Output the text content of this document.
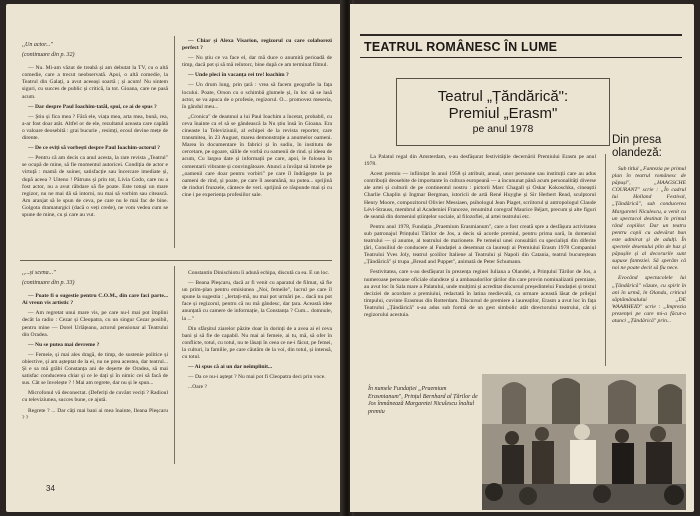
,,Un actor..."

(continuare din p. 32)

— Nu. Mi-am vâzut de treabă și am debutat la TV, cu o altă comedie, care a trecut neobservată. Apoi, o altă comedie, la Teatrul din Galați, a avut aceeași soartă ; și acum! Nu sintem siguri, cu succes de public și critică, la tot. Gioana, care ne pasă acum.

— Dar despre Paul Ioachim-tatăl, spui, ce ai de spus ?

— Știu și fica mea ? Fără ele, viața mea, arta mea, bună, rea, a-ar fost doar atât. Altfel or de ele, rezultatul aceasta care capătă o valoare deosebită : grai bucurie , resimți, ecoul devine mețe de dirente.

— De ce eviți să vorbești despre Paul Ioachim-actorul ?

— Pentru că am decis ca anul acesta, la rare revista „Teatrul" se ocupă de mine, să fie momentul autoricei. Condiția de actor e virtuță : mamă de suiner, satisfacție sau încercare imediate și, după aceea ? Uiteno ! Pătruns și prin tot, Livia Codo, care nu a fost actor, nu a avut răbdare să fie poate. Este totuși un mare regizor, nu ne mai dă să intorni, nu mai să vorbim sau citească. Am aranjat să le spun de ceva, pe care nu le mai fac de bine. Golgota dramaturgici (dacă o veți crede), ne vom vedea cum se spune de mine, cu și care au vut.

— Chiar și Alexa Visarion, regizorul cu care colaborezi perfect ?

— Nu știu ce va face el, dar mă duce o anumită perioadă de timp, dacă pot și să mă reîntorc, bine după ce am terminat filmul.

— Unde pleci în vacanța rei tre! loachim ?

— Un drum lung, prin țară : vrea să facem geografie la fața locului. Poate, Orson cu o schimbă glumele și, în loc să se lasă actor, se va apuca de o profesie, regizorul. O... promovez meseria, în gândul meu...

„Cronica" de deamnul a lui Paul Ioachim a încetat, probabil, cu ceva înainte ca el să se gândească la Nu știu însă în Gioana. Era cineaste la Televiziunii, al echipei de la revista reporter, care transmitea, în 23 August, marea demonstrație a anumelor oameni. Marea în documentare în fabrici și în sudiu, în institutu de cercetare, pe ogoare, sălile de vorbă cu oamenii de rind. și ideea de acum, Cu largea date și informații pe care, apoi, le folosea în comentarii vibrante și convingătoare. Atunci a învățat să întrebe pe „oamenii care doar pentru vorbiri" pe care îl îndrăgește la pe oameni de rind, și poate, pe care îl aseamănă, nu putea... sprijină de rinduri frunzele, cântece de veri. sprijină ce răspunde mai și cu cine i pe experiența profesiilor sale.

,,...și scena..."

(continuare din p. 33)

— Poate fi o sugestie pentru C.O.M., din care faci parte... Ai vreun vis artistic ?

— Am regretat unui mare vis, pe care nu-l mai pot împlini decât la radio : Cezar și Cleopatra, cu un singur Cezar posibil, pentru mine — Dorel Urlățeanu, actorul pensionar al Teatrului din Oradea.

— Nu se putea mai devreme ?

— Femeie, și mai ales dragă, de timp, de sustenie politice și obiective, și am așteptat de la ei, nu ne prea acestea, dar teatrul... Și e sa mă grăbi Constanța ani de deșerte de Oradea, să mai satisfac conducerea chiar și ce le dați și în nimic cei să facă de sus. Cât se învelește ? ! Mai am regrete, dar nu și le spun...

Microfonul vă deconectat. (Deferiți de cuvânt veciți ? Radioul cu televiziunea, succes bune, ce ajută.

Regrete ? ... Dar câți mai bani ai mea înainte, Ileana Pleșcaru ? ?

Constantin Dinischiotu îi adună echipa, discută ca ea. E un loc.

— Beana Pleșcaru, dacă ar fi venit cu aparatul de filmat, să fie un prim-plan pentru emisiunea „Noi, femeile", lucrul pe care îl spune la sugestia : „Iertați-mă, nu mai pot urmări pe... dacă nu pot face și regizorul, pentru că nu mă gândesc, dar țara. Această idee anunțată cu camere de informație, la Constanța ? Cum... domnule, la ..."

Din sfârșitul ziarelor păzite doar în dorinți de a avea ai el ceva bani și să fie de capabil. Nu mai ai femeie, ai tu, mă, să ofer în conflicte, totul, cu totul, nu te lăsați în ceea ce ne-i făcut, pe femei, la culturi, la familie, pe care căutăm de la voi, din totul, și intensă, cu totul.

— Ai spus că ai un dar neîmplinit...

— Da ce nu-i aștept ? Nu mai pot fi Cleopatra deci prin voce.

...Oare ?

34
TEATRUL ROMÂNESC ÎN LUME
Teatrul „Țăndărică":
Premiul „Erasm"
pe anul 1978
Din presa olandeză:

La Palatul regal din Amsterdam, s-au desfășurat festivitățile decernării Premiului Erasm pe anul 1978.

Acest premiu — infiinițat în anul 1958 și atribuit, anual, unor persoane sau instituții care au adus contribuții deosebite de importante în cultura europeană — a încununat până acum personalități diverse ale artei și culturii de pe continentul nostru : pictorii Marc Chagall și Oskar Kokoschka, cineaștii Charlie Chaplin și Ingmar Bergman, istoricii de artă René Huyghe și Sir Herbert Read, sculptorul Henry Moore, compozitorul Olivier Messiaen, psihologul Jean Piaget, scriitorul și antropologul Claude Lévi-Strauss, membrul al Academiei Franceze, renumitul coregraf Maurice Béjart, precum și alte figuri de seamă din domeniul științelor sociale, al filozofiei, al artei teatrului etc.

Pentru anul 1978, Fundația „Praemium Erasmianum", care a fost creată spre a desfășura activitatea sub patronajul Prințului Tărilor de Jos, a decis să acorde premiul, pentru prima oară, în domeniul teatrului — și anume, al teatrului de marionete. Pe temeiul unei consultări cu specialiști din diferite țări, Consiliul de conducere al Fundației a desemnat ca laureați ai Premiului Erasm 1978 Companiul Teatrului Yves Joly, teatrul școlilor Italiene al Teatrului și Napoli din Catania, teatrul bucureștean „Țăndărică" și trupa „Bread and Puppet", animată de Peter Schumann.

Festivitatea, care s-au desfășurat în prezența reginei Iuliana a Olandei, a Prințului Tărilor de Jos, a numeroase persoane oficiale olandeze și a ambasadorilor țărilor din care provin nominalizatii premiate, au avut loc în Sala mare a Palatului, unde mulțimi și acreditat discursul președintelui Fundației și textul deciziei de acordare a premiului, redactată în latina medievală, ca urmare această lăsat de prilejul timpului, cuvinte Erasmus din Rotterdam. Discursul de premiere a laureaților, Erasm a avut loc în fața Teatrului „Țăndărică" s-au adus sub formă de un gest simbolic atât directorului teatrului, cât și regizorului acestuia.

Sub titlul „Fantezia pe primul plan în teatrul românesc de păpuși", „HAAGSCHE COURANT" scrie : „În cadrul lui Holland Festival, „Țăndărică", sub conducerea Margaretei Niculescu, a venit cu un spectacol destinat în primul rând copiilor. Dar un teatru pentru copii cu adevărat bun este admirat și de adulți. În spectele desenului plin de haz și păpușile și al decorurile sunt supuse fanteziei. Să sperăm că noi ne poate decit să fiu nece.

Evocând spectacolele lui „Țăndărică" văzute, cu spirit în ani în urmă, în Olanda, criticul săptămânalului „DE WAARHEID" scrie : „Imprezia prezenței pe care mi-a făcut-o atunci „Țăndărică" prin...

În numele Fundației „Praemium Erasmianum", Prințul Bernhard al Țărilor de Jos înmânează Margaretei Niculescu înaltul premiu
